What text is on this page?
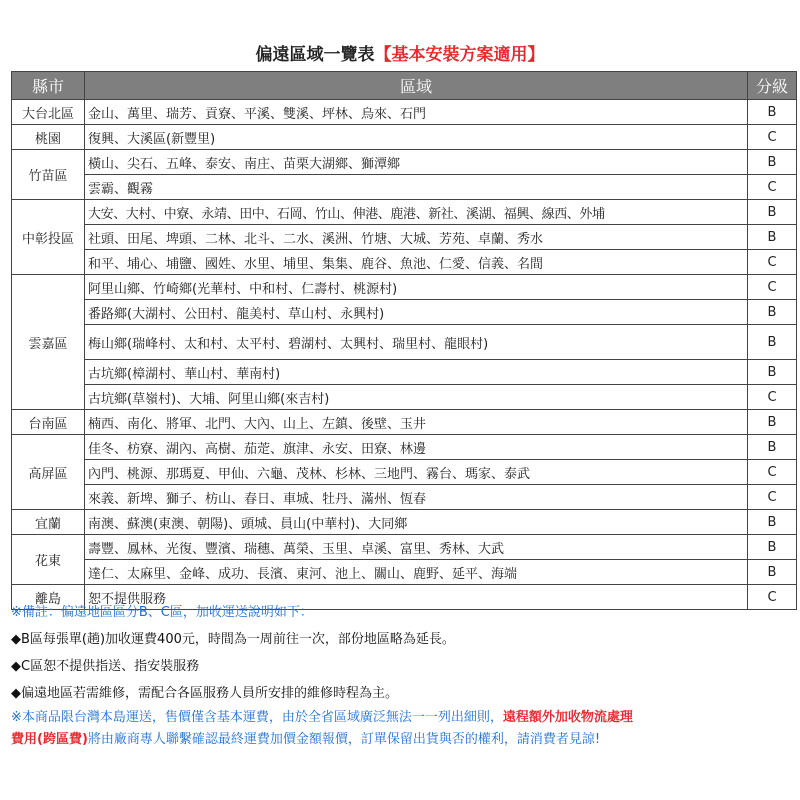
偏遠區域一覽表【基本安裝方案適用】
縣市	區域	分級
大台北區	金山、萬里、瑞芳、貢寮、平溪、雙溪、坪林、烏來、石門	B
桃園	復興、大溪區(新豐里)	C
竹苗區	橫山、尖石、五峰、泰安、南庄、苗栗大湖鄉、獅潭鄉	B
	雲霸、觀霧	C
中彰投區	大安、大村、中寮、永靖、田中、石岡、竹山、伸港、鹿港、新社、溪湖、福興、線西、外埔	B
	社頭、田尾、埤頭、二林、北斗、二水、溪洲、竹塘、大城、芳苑、卓蘭、秀水	B
	和平、埔心、埔鹽、國姓、水里、埔里、集集、鹿谷、魚池、仁愛、信義、名間	C
雲嘉區	阿里山鄉、竹崎鄉(光華村、中和村、仁壽村、桃源村)	C
	番路鄉(大湖村、公田村、龍美村、草山村、永興村)	B
	梅山鄉(瑞峰村、太和村、太平村、碧湖村、太興村、瑞里村、龍眼村)	B
	古坑鄉(樟湖村、華山村、華南村)	B
	古坑鄉(草嶺村)、大埔、阿里山鄉(來吉村)	C
台南區	楠西、南化、將軍、北門、大內、山上、左鎮、後壁、玉井	B
高屏區	佳冬、枋寮、湖內、高樹、茄萣、旗津、永安、田寮、林邊	B
	內門、桃源、那瑪夏、甲仙、六龜、茂林、杉林、三地門、霧台、瑪家、泰武	C
	來義、新埤、獅子、枋山、春日、車城、牡丹、滿州、恆春	C
宜蘭	南澳、蘇澳(東澳、朝陽)、頭城、員山(中華村)、大同鄉	B
花東	壽豐、鳳林、光復、豐濱、瑞穗、萬榮、玉里、卓溪、富里、秀林、大武	B
	達仁、太麻里、金峰、成功、長濱、東河、池上、關山、鹿野、延平、海端	B
離島	恕不提供服務	C
※備註：偏遠地區區分B、C區，加收運送說明如下：
◆B區每張單(趟)加收運費400元，時間為一周前往一次，部份地區略為延長。
◆C區恕不提供指送、指安裝服務
◆偏遠地區若需維修，需配合各區服務人員所安排的維修時程為主。
※本商品限台灣本島運送，售價僅含基本運費，由於全省區域廣泛無法一一列出細則，遠程額外加收物流處理
費用(跨區費)將由廠商專人聯繫確認最終運費加價金額報價，訂單保留出貨與否的權利，請消費者見諒!
